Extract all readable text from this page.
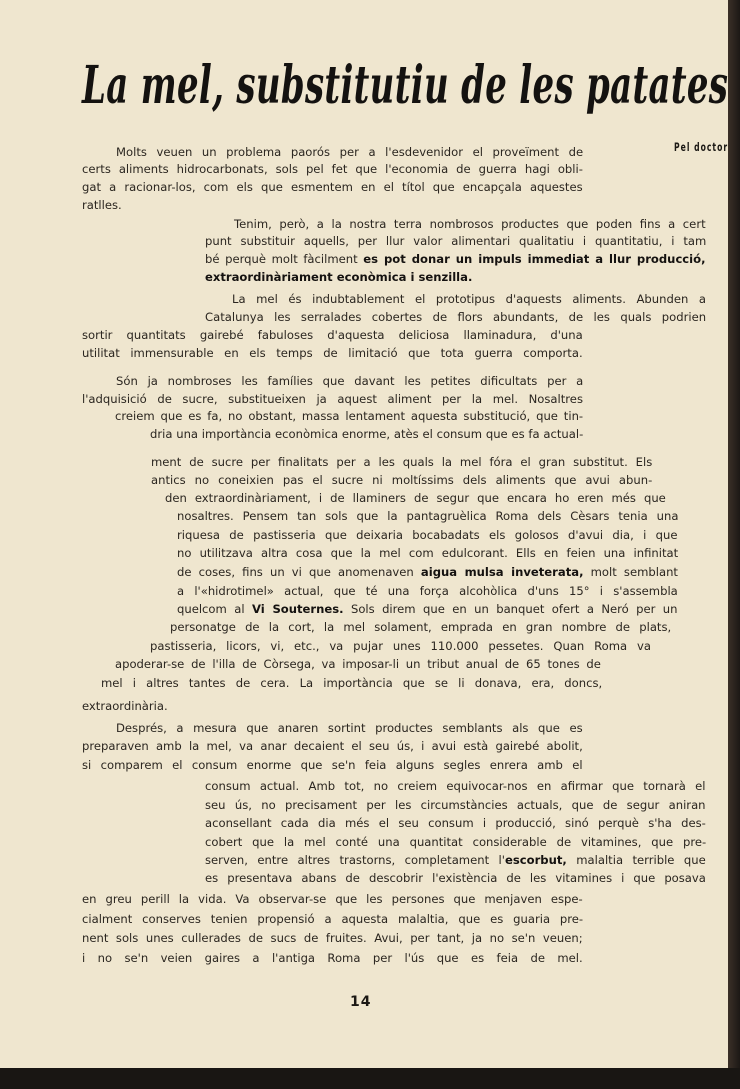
La mel, substitutiu de les patates
Pel doctor
Molts veuen un problema paorós per a l'esdevenidor el proveïment de
certs aliments hidrocarbonats, sols pel fet que l'economia de guerra hagi obli-
gat a racionar-los, com els que esmentem en el títol que encapçala aquestes
ratlles.
Tenim, però, a la nostra terra nombrosos productes que poden fins a cert
punt substituir aquells, per llur valor alimentari qualitatiu i quantitatiu, i tam
bé perquè molt fàcilment es pot donar un impuls immediat a llur producció,
extraordinàriament econòmica i senzilla.
La mel és indubtablement el prototipus d'aquests aliments. Abunden a
Catalunya les serralades cobertes de flors abundants, de les quals podrien
sortir quantitats gairebé fabuloses d'aquesta deliciosa llaminadura, d'una
utilitat immensurable en els temps de limitació que tota guerra comporta.
Són ja nombroses les famílies que davant les petites dificultats per a
l'adquisició de sucre, substitueixen ja aquest aliment per la mel. Nosaltres
creiem que es fa, no obstant, massa lentament aquesta substitució, que tin-
dria una importància econòmica enorme, atès el consum que es fa actual-
ment de sucre per finalitats per a les quals la mel fóra el gran substitut. Els
antics no coneixien pas el sucre ni moltíssims dels aliments que avui abun-
den extraordinàriament, i de llaminers de segur que encara ho eren més que
nosaltres. Pensem tan sols que la pantagruèlica Roma dels Cèsars tenia una
riquesa de pastisseria que deixaria bocabadats els golosos d'avui dia, i que
no utilitzava altra cosa que la mel com edulcorant. Ells en feien una infinitat
de coses, fins un vi que anomenaven aigua mulsa inveterata, molt semblant
a l'«hidrotimel» actual, que té una força alcohòlica d'uns 15° i s'assembla
quelcom al Vi Souternes. Sols direm que en un banquet ofert a Neró per un
personatge de la cort, la mel solament, emprada en gran nombre de plats,
pastisseria, licors, vi, etc., va pujar unes 110.000 pessetes. Quan Roma va
apoderar-se de l'illa de Còrsega, va imposar-li un tribut anual de 65 tones de
mel i altres tantes de cera. La importància que se li donava, era, doncs,
extraordinària.
Després, a mesura que anaren sortint productes semblants als que es
preparaven amb la mel, va anar decaient el seu ús, i avui està gairebé abolit,
si comparem el consum enorme que se'n feia alguns segles enrera amb el
consum actual. Amb tot, no creiem equivocar-nos en afirmar que tornarà el
seu ús, no precisament per les circumstàncies actuals, que de segur aniran
aconsellant cada dia més el seu consum i producció, sinó perquè s'ha des-
cobert que la mel conté una quantitat considerable de vitamines, que pre-
serven, entre altres trastorns, completament l'escorbut, malaltia terrible que
es presentava abans de descobrir l'existència de les vitamines i que posava
en greu perill la vida. Va observar-se que les persones que menjaven espe-
cialment conserves tenien propensió a aquesta malaltia, que es guaria pre-
nent sols unes cullerades de sucs de fruites. Avui, per tant, ja no se'n veuen;
i no se'n veien gaires a l'antiga Roma per l'ús que es feia de mel.
14
